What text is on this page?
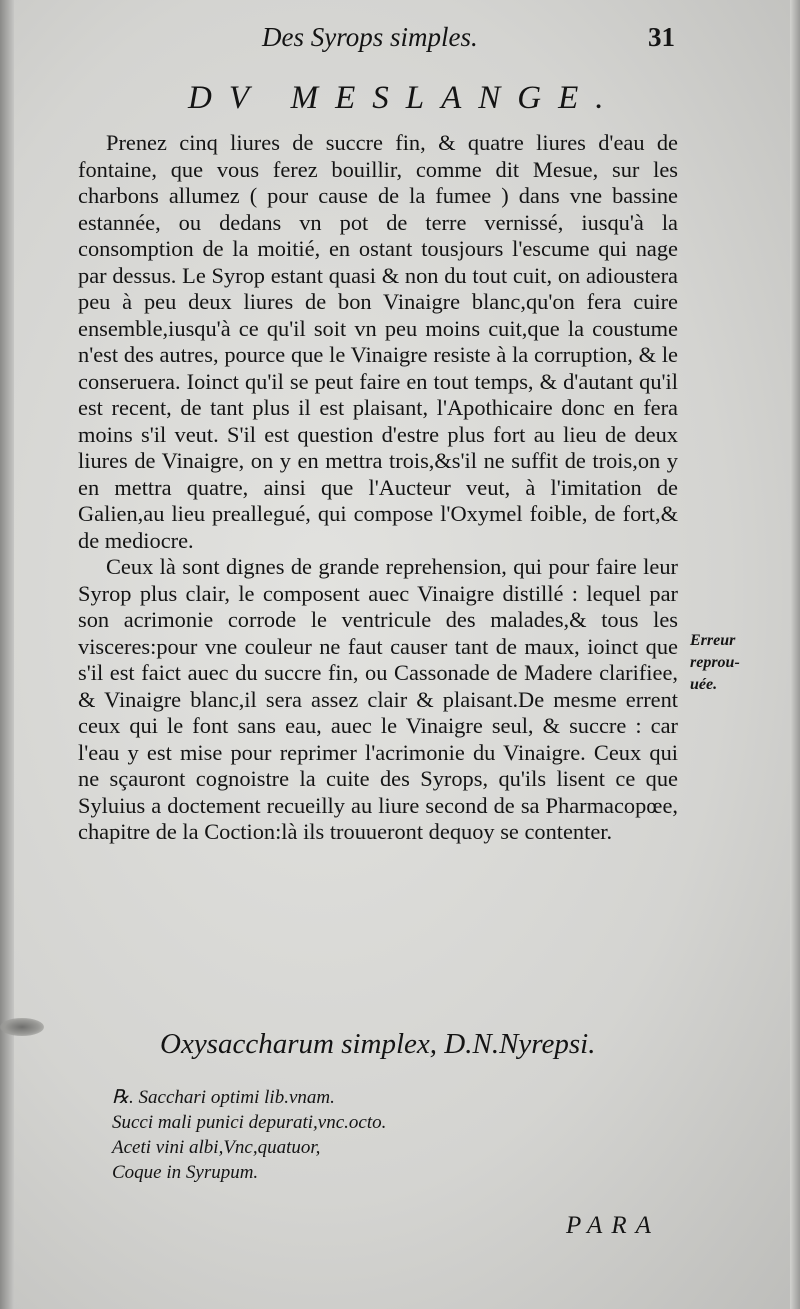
Des Syrops simples.	31
DV MESLANGE.

Prenez cinq liures de succre fin, & quatre liures d'eau de fontaine, que vous ferez bouillir, comme dit Mesue, sur les charbons allumez ( pour cause de la fumee ) dans vne bassine estannée, ou dedans vn pot de terre vernissé, iusqu'à la consomption de la moitié, en ostant tousjours l'escume qui nage par dessus. Le Syrop estant quasi & non du tout cuit, on adioustera peu à peu deux liures de bon Vinaigre blanc,qu'on fera cuire ensemble,iusqu'à ce qu'il soit vn peu moins cuit,que la coustume n'est des autres, pource que le Vinaigre resiste à la corruption, & le conseruera. Ioinct qu'il se peut faire en tout temps, & d'autant qu'il est recent, de tant plus il est plaisant, l'Apothicaire donc en fera moins s'il veut. S'il est question d'estre plus fort au lieu de deux liures de Vinaigre, on y en mettra trois,&s'il ne suffit de trois,on y en mettra quatre, ainsi que l'Aucteur veut, à l'imitation de Galien,au lieu preallegué, qui compose l'Oxymel foible, de fort,& de mediocre.

Ceux là sont dignes de grande reprehension, qui pour faire leur Syrop plus clair, le composent auec Vinaigre distillé : lequel par son acrimonie corrode le ventricule des malades,& tous les visceres:pour vne couleur ne faut causer tant de maux, ioinct que s'il est faict auec du succre fin, ou Cassonade de Madere clarifiee, & Vinaigre blanc,il sera assez clair & plaisant.De mesme errent ceux qui le font sans eau, auec le Vinaigre seul, & succre : car l'eau y est mise pour reprimer l'acrimonie du Vinaigre. Ceux qui ne sçauront cognoistre la cuite des Syrops, qu'ils lisent ce que Syluius a doctement recueilly au liure second de sa Pharmacopœe, chapitre de la Coction:là ils trouueront dequoy se contenter.

Erreur
reprou-
uée.
Oxysaccharum simplex, D.N.Nyrepsi.
℞. Sacchari optimi lib.vnam.
Succi mali punici depurati,vnc.octo.
Aceti vini albi,Vnc,quatuor,
Coque in Syrupum.
PARA
